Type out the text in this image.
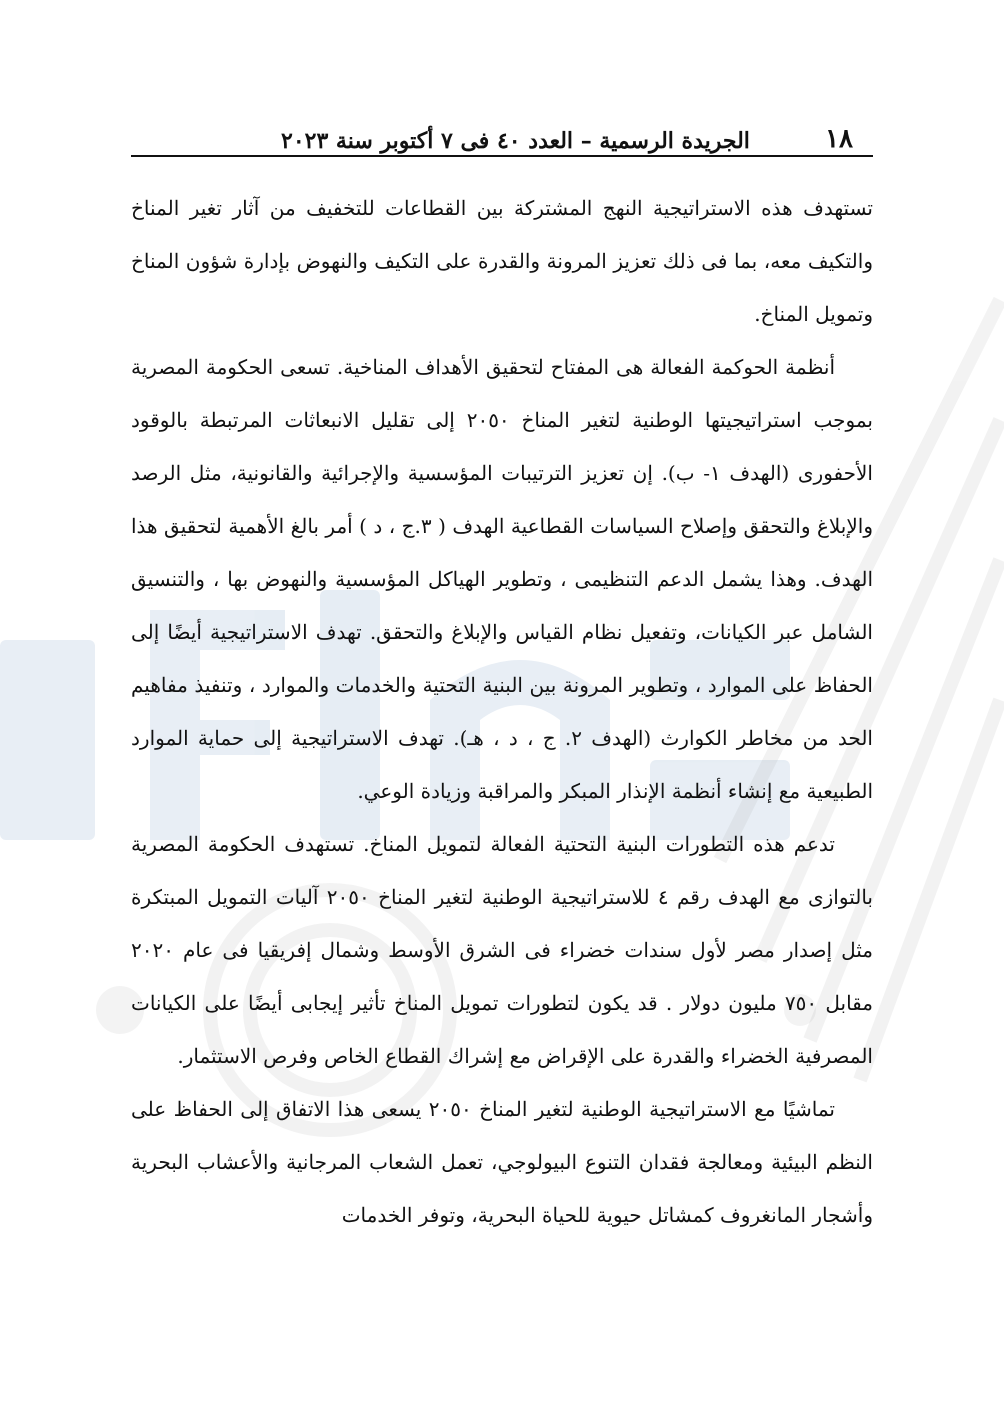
١٨
الجريدة الرسمية – العدد ٤٠ فى ٧ أكتوبر سنة ٢٠٢٣

تستهدف هذه الاستراتيجية النهج المشتركة بين القطاعات للتخفيف من آثار تغير المناخ والتكيف معه، بما فى ذلك تعزيز المرونة والقدرة على التكيف والنهوض بإدارة شؤون المناخ وتمويل المناخ.

أنظمة الحوكمة الفعالة هى المفتاح لتحقيق الأهداف المناخية. تسعى الحكومة المصرية بموجب استراتيجيتها الوطنية لتغير المناخ ٢٠٥٠ إلى تقليل الانبعاثات المرتبطة بالوقود الأحفورى (الهدف ١- ب). إن تعزيز الترتيبات المؤسسية والإجرائية والقانونية، مثل الرصد والإبلاغ والتحقق وإصلاح السياسات القطاعية الهدف ( ٣.ج ، د ) أمر بالغ الأهمية لتحقيق هذا الهدف. وهذا يشمل الدعم التنظيمى ، وتطوير الهياكل المؤسسية والنهوض بها ، والتنسيق الشامل عبر الكيانات، وتفعيل نظام القياس والإبلاغ والتحقق. تهدف الاستراتيجية أيضًا إلى الحفاظ على الموارد ، وتطوير المرونة بين البنية التحتية والخدمات والموارد ، وتنفيذ مفاهيم الحد من مخاطر الكوارث (الهدف ٢. ج ، د ، هـ). تهدف الاستراتيجية إلى حماية الموارد الطبيعية مع إنشاء أنظمة الإنذار المبكر والمراقبة وزيادة الوعي.

تدعم هذه التطورات البنية التحتية الفعالة لتمويل المناخ. تستهدف الحكومة المصرية بالتوازى مع الهدف رقم ٤ للاستراتيجية الوطنية لتغير المناخ ٢٠٥٠ آليات التمويل المبتكرة مثل إصدار مصر لأول سندات خضراء فى الشرق الأوسط وشمال إفريقيا فى عام ٢٠٢٠ مقابل ٧٥٠ مليون دولار . قد يكون لتطورات تمويل المناخ تأثير إيجابى أيضًا على الكيانات المصرفية الخضراء والقدرة على الإقراض مع إشراك القطاع الخاص وفرص الاستثمار.

تماشيًا مع الاستراتيجية الوطنية لتغير المناخ ٢٠٥٠ يسعى هذا الاتفاق إلى الحفاظ على النظم البيئية ومعالجة فقدان التنوع البيولوجي، تعمل الشعاب المرجانية والأعشاب البحرية وأشجار المانغروف كمشاتل حيوية للحياة البحرية، وتوفر الخدمات
